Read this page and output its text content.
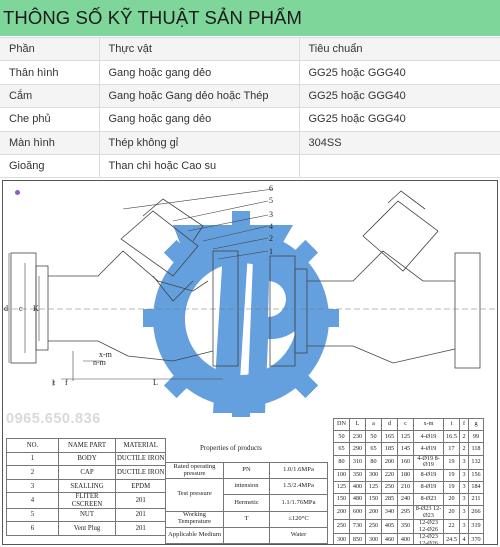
THÔNG SỐ KỸ THUẬT SẢN PHẨM
Phần	Thực vật	Tiêu chuẩn
Thân hình	Gang hoặc gang dẻo	GG25 hoặc GGG40
Cắm	Gang hoặc Gang dẻo hoặc Thép	GG25 hoặc GGG40
Che phủ	Gang hoặc gang dẻo	GG25 hoặc GGG40
Màn hình	Thép không gỉ	304SS
Gioăng	Than chì hoặc Cao su	
6
5
3
4
2
1
d c K
n-m
f
t	L
x-m
0965.650.836
NO.	NAME PART	MATERIAL
1	BODY	DUCTILE IRON
2	CAP	DUCTILE IRON
3	SEALLING	EPDM
4	FLITER CSCREEN	201
5	NUT	201
6	Vent Plug	201
Properties of products
Rated operating pressure	PN	1.0/1.6MPa
Test pressure	intension	1.5/2.4MPa
	Hermetic	1.1/1.76MPa
Working Temperature	T	≤120°C
Applicable Medium		Water
DN	L	a	d	c	x-m	t	f	g
50	230	50	165	125	4-Ø19	16.5	2	99
65	290	65	185	145	4-Ø19	17	2	118
80	310	80	200	160	4-Ø19 8-Ø19	19	3	132
100	350	300	220	180	8-Ø19	19	3	156
125	400	125	250	210	8-Ø19	19	3	184
150	480	150	285	240	8-Ø23	20	3	211
200	600	200	340	295	8-Ø23 12-Ø23	20	3	266
250	730	250	405	350	12-Ø23 12-Ø26	22	3	319
300	850	300	460	400	12-Ø23 12-Ø26	24.5	4	370
